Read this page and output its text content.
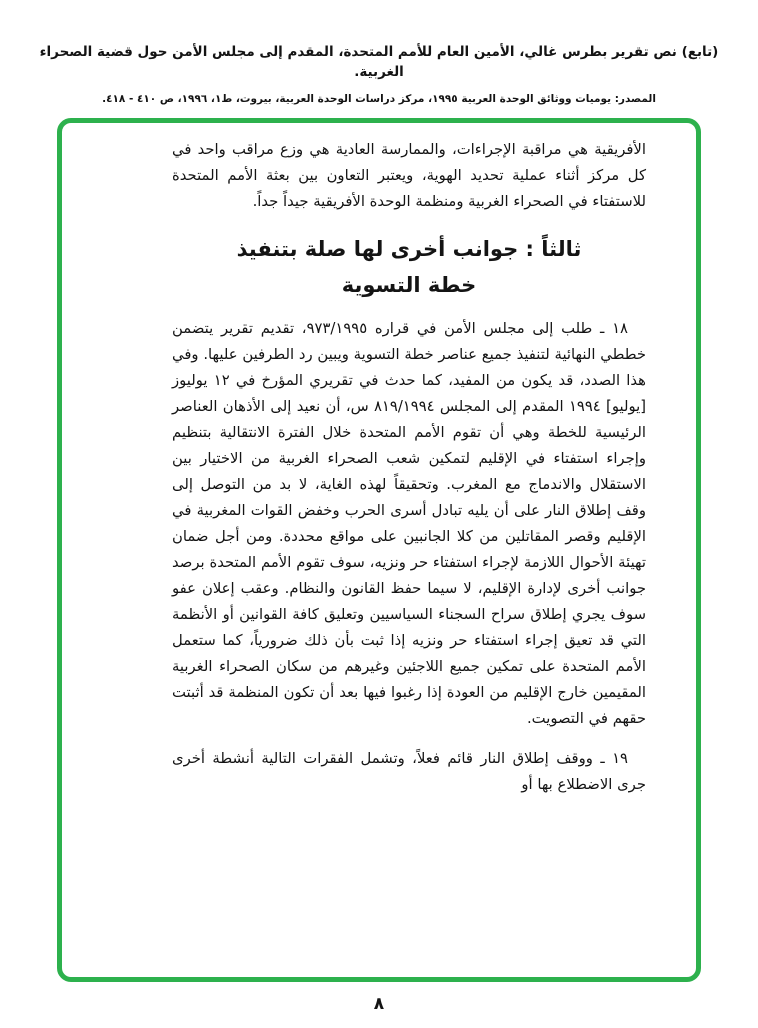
(تابع) نص تقرير بطرس غالي، الأمين العام للأمم المتحدة، المقدم إلى مجلس الأمن حول قضية الصحراء الغربية.
المصدر: يوميات ووثائق الوحدة العربية ١٩٩٥، مركز دراسات الوحدة العربية، بيروت، ط١، ١٩٩٦، ص ٤١٠ - ٤١٨.

الأفريقية هي مراقبة الإجراءات، والممارسة العادية هي وزع مراقب واحد في كل مركز أثناء عملية تحديد الهوية، ويعتبر التعاون بين بعثة الأمم المتحدة للاستفتاء في الصحراء الغربية ومنظمة الوحدة الأفريقية جيداً جداً.

ثالثاً : جوانب أخرى لها صلة بتنفيذ
خطة التسوية

١٨ ـ طلب إلى مجلس الأمن في قراره ٩٧٣/١٩٩٥، تقديم تقرير يتضمن خططي النهائية لتنفيذ جميع عناصر خطة التسوية ويبين رد الطرفين عليها. وفي هذا الصدد، قد يكون من المفيد، كما حدث في تقريري المؤرخ في ١٢ يوليوز [يوليو] ١٩٩٤ المقدم إلى المجلس ٨١٩/١٩٩٤ س، أن نعيد إلى الأذهان العناصر الرئيسية للخطة وهي أن تقوم الأمم المتحدة خلال الفترة الانتقالية بتنظيم وإجراء استفتاء في الإقليم لتمكين شعب الصحراء الغربية من الاختيار بين الاستقلال والاندماج مع المغرب. وتحقيقاً لهذه الغاية، لا بد من التوصل إلى وقف إطلاق النار على أن يليه تبادل أسرى الحرب وخفض القوات المغربية في الإقليم وقصر المقاتلين من كلا الجانبين على مواقع محددة. ومن أجل ضمان تهيئة الأحوال اللازمة لإجراء استفتاء حر ونزيه، سوف تقوم الأمم المتحدة برصد جوانب أخرى لإدارة الإقليم، لا سيما حفظ القانون والنظام. وعقب إعلان عفو سوف يجري إطلاق سراح السجناء السياسيين وتعليق كافة القوانين أو الأنظمة التي قد تعيق إجراء استفتاء حر ونزيه إذا ثبت بأن ذلك ضرورياً، كما ستعمل الأمم المتحدة على تمكين جميع اللاجئين وغيرهم من سكان الصحراء الغربية المقيمين خارج الإقليم من العودة إذا رغبوا فيها بعد أن تكون المنظمة قد أثبتت حقهم في التصويت.

١٩ ـ ووقف إطلاق النار قائم فعلاً، وتشمل الفقرات التالية أنشطة أخرى جرى الاضطلاع بها أو

٨
